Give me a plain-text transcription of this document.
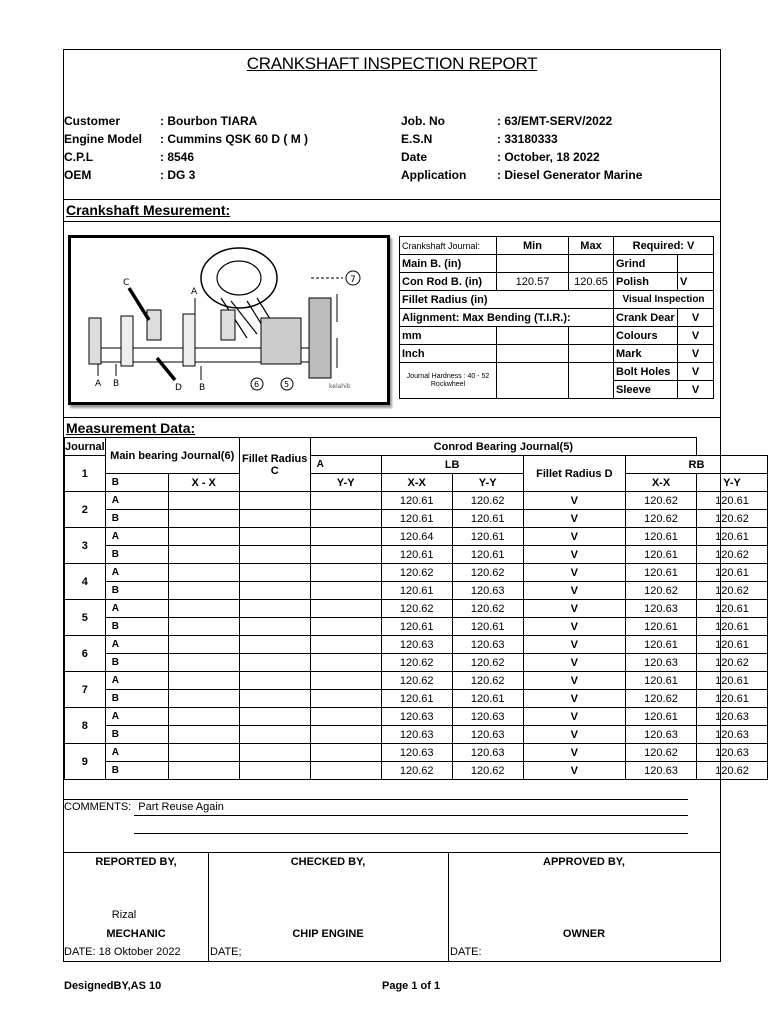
CRANKSHAFT INSPECTION REPORT
Customer	: Bourbon TIARA
Engine Model : Cummins QSK 60 D ( M )
C.P.L	: 8546
OEM	: DG 3
Job. No	: 63/EMT-SERV/2022
E.S.N	: 33180333
Date	: October, 18 2022
Application	: Diesel Generator Marine
Crankshaft Mesurement:
7
C
A
A B	D B	6	5	kelahib
Crankshaft Journal:	Min	Max	Required: V	
Main B. (in)			Grind	
Con Rod B. (in)	120.57	120.65	Polish	V
Fillet Radius (in)			Visual Inspection	
Alignment: Max Bending (T.I.R.):			Crank Dear	V
mm			Colours	V
Inch			Mark	V
Journal Hardness : 40 - 52 Rockwheel			Bolt Holes	V
			Sleeve	V
Measurement Data:
Journal	Main bearing Journal(6)		Fillet Radius C	Conrod Bearing Journal(5)					
1				A	LB		Fillet Radius D	RB	
	B	X - X		Y-Y	X-X	Y-Y		X-X	Y-Y
2	A				120.61	120.62	V	120.62	120.61
	B				120.61	120.61	V	120.62	120.62
3	A				120.64	120.61	V	120.61	120.61
	B				120.61	120.61	V	120.61	120.62
4	A				120.62	120.62	V	120.61	120.61
	B				120.61	120.63	V	120.62	120.62
5	A				120.62	120.62	V	120.63	120.61
	B				120.61	120.61	V	120.61	120.61
6	A				120.63	120.63	V	120.61	120.61
	B				120.62	120.62	V	120.63	120.62
7	A				120.62	120.62	V	120.61	120.61
	B				120.61	120.61	V	120.62	120.61
8	A				120.63	120.63	V	120.61	120.63
	B				120.63	120.63	V	120.63	120.63
9	A				120.63	120.63	V	120.62	120.63
	B				120.62	120.62	V	120.63	120.62
COMMENTS: Part Reuse Again
REPORTED BY,	CHECKED BY,	APPROVED BY,
Rizal
MECHANIC	CHIP ENGINE	OWNER
DATE: 18 Oktober 2022	DATE;	DATE:
DesignedBY,AS 10	Page 1 of 1
